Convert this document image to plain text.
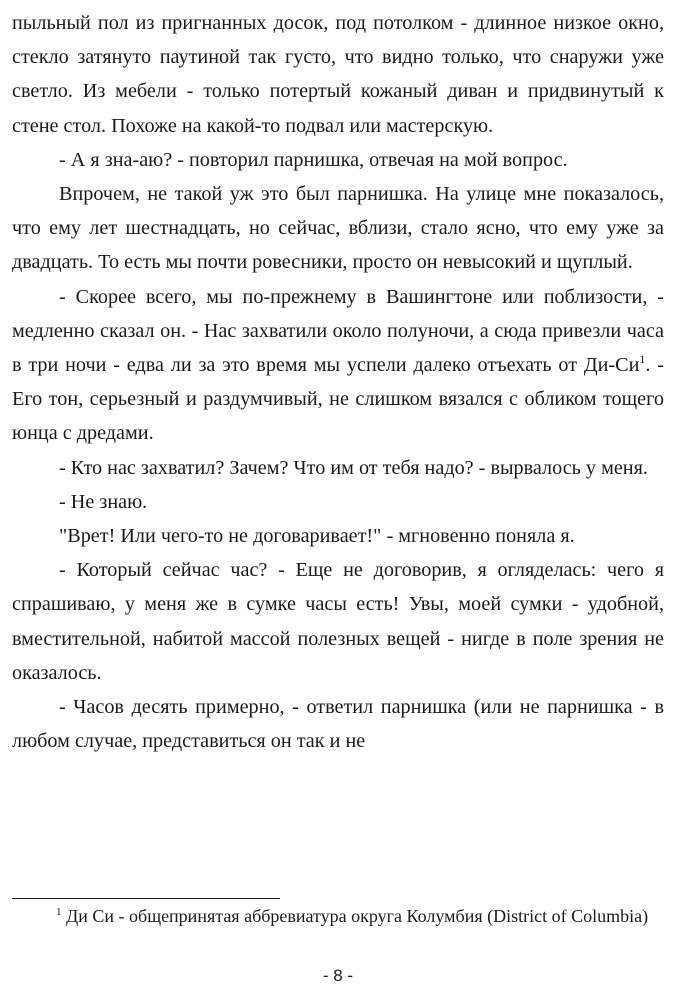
пыльный пол из пригнанных досок, под потолком - длинное низкое окно, стекло затянуто паутиной так густо, что видно только, что снаружи уже светло. Из мебели - только потертый кожаный диван и придвинутый к стене стол. Похоже на какой-то подвал или мастерскую.

- А я зна-аю? - повторил парнишка, отвечая на мой вопрос.

Впрочем, не такой уж это был парнишка. На улице мне показалось, что ему лет шестнадцать, но сейчас, вблизи, стало ясно, что ему уже за двадцать. То есть мы почти ровесники, просто он невысокий и щуплый.

- Скорее всего, мы по-прежнему в Вашингтоне или поблизости, - медленно сказал он. - Нас захватили около полуночи, а сюда привезли часа в три ночи - едва ли за это время мы успели далеко отъехать от $Ди-Си^1$. - Его тон, серьезный и раздумчивый, не слишком вязался с обликом тощего юнца с дредами.

- Кто нас захватил? Зачем? Что им от тебя надо? - вырвалось у меня.

- Не знаю.

"Врет! Или чего-то не договаривает!" - мгновенно поняла я.

- Который сейчас час? - Еще не договорив, я огляделась: чего я спрашиваю, у меня же в сумке часы есть! Увы, моей сумки - удобной, вместительной, набитой массой полезных вещей - нигде в поле зрения не оказалось.

- Часов десять примерно, - ответил парнишка (или не парнишка - в любом случае, представиться он так и не

$^1$ Ди Си - общепринятая аббревиатура округа Колумбия (District of Columbia)

- 8 -
